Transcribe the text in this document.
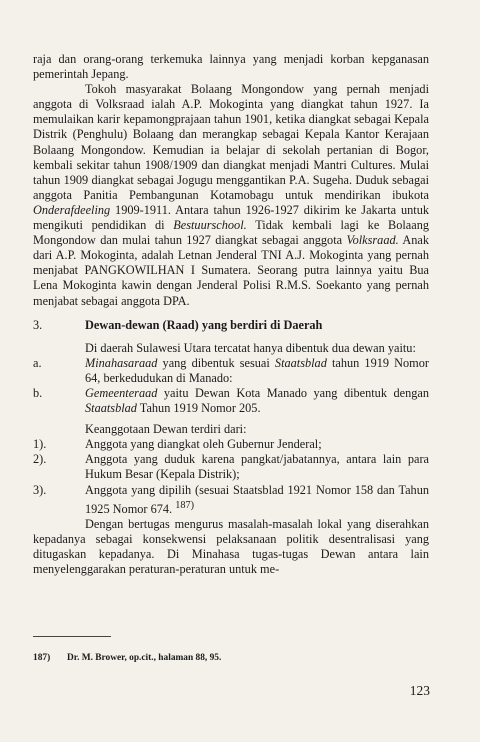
raja dan orang-orang terkemuka lainnya yang menjadi korban kepganasan pemerintah Jepang.

Tokoh masyarakat Bolaang Mongondow yang pernah menjadi anggota di Volksraad ialah A.P. Mokoginta yang diangkat tahun 1927. Ia memulaikan karir kepamongprajaan tahun 1901, ketika diangkat sebagai Kepala Distrik (Penghulu) Bolaang dan merangkap sebagai Kepala Kantor Kerajaan Bolaang Mongondow. Kemudian ia belajar di sekolah pertanian di Bogor, kembali sekitar tahun 1908/1909 dan diangkat menjadi Mantri Cultures. Mulai tahun 1909 diangkat sebagai Jogugu menggantikan P.A. Sugeha. Duduk sebagai anggota Panitia Pembangunan Kotamobagu untuk mendirikan ibukota Onderafdeeling 1909-1911. Antara tahun 1926-1927 dikirim ke Jakarta untuk mengikuti pendidikan di Bestuurschool. Tidak kembali lagi ke Bolaang Mongondow dan mulai tahun 1927 diangkat sebagai anggota Volksraad. Anak dari A.P. Mokoginta, adalah Letnan Jenderal TNI A.J. Mokoginta yang pernah menjabat PANGKOWILHAN I Sumatera. Seorang putra lainnya yaitu Bua Lena Mokoginta kawin dengan Jenderal Polisi R.M.S. Soekanto yang pernah menjabat sebagai anggota DPA.

3.	Dewan-dewan (Raad) yang berdiri di Daerah

Di daerah Sulawesi Utara tercatat hanya dibentuk dua dewan yaitu:

a.	Minahasaraad yang dibentuk sesuai Staatsblad tahun 1919 Nomor 64, berkedudukan di Manado:
b.	Gemeenteraad yaitu Dewan Kota Manado yang dibentuk dengan Staatsblad Tahun 1919 Nomor 205.

Keanggotaan Dewan terdiri dari:

1).	Anggota yang diangkat oleh Gubernur Jenderal;
2).	Anggota yang duduk karena pangkat/jabatannya, antara lain para Hukum Besar (Kepala Distrik);
3).	Anggota yang dipilih (sesuai Staatsblad 1921 Nomor 158 dan Tahun 1925 Nomor 674. $^{187)}$

Dengan bertugas mengurus masalah-masalah lokal yang diserahkan kepadanya sebagai konsekwensi pelaksanaan politik desentralisasi yang ditugaskan kepadanya. Di Minahasa tugas-tugas Dewan antara lain menyelenggarakan peraturan-peraturan untuk me-

187) Dr. M. Brower, op.cit., halaman 88, 95.
123
